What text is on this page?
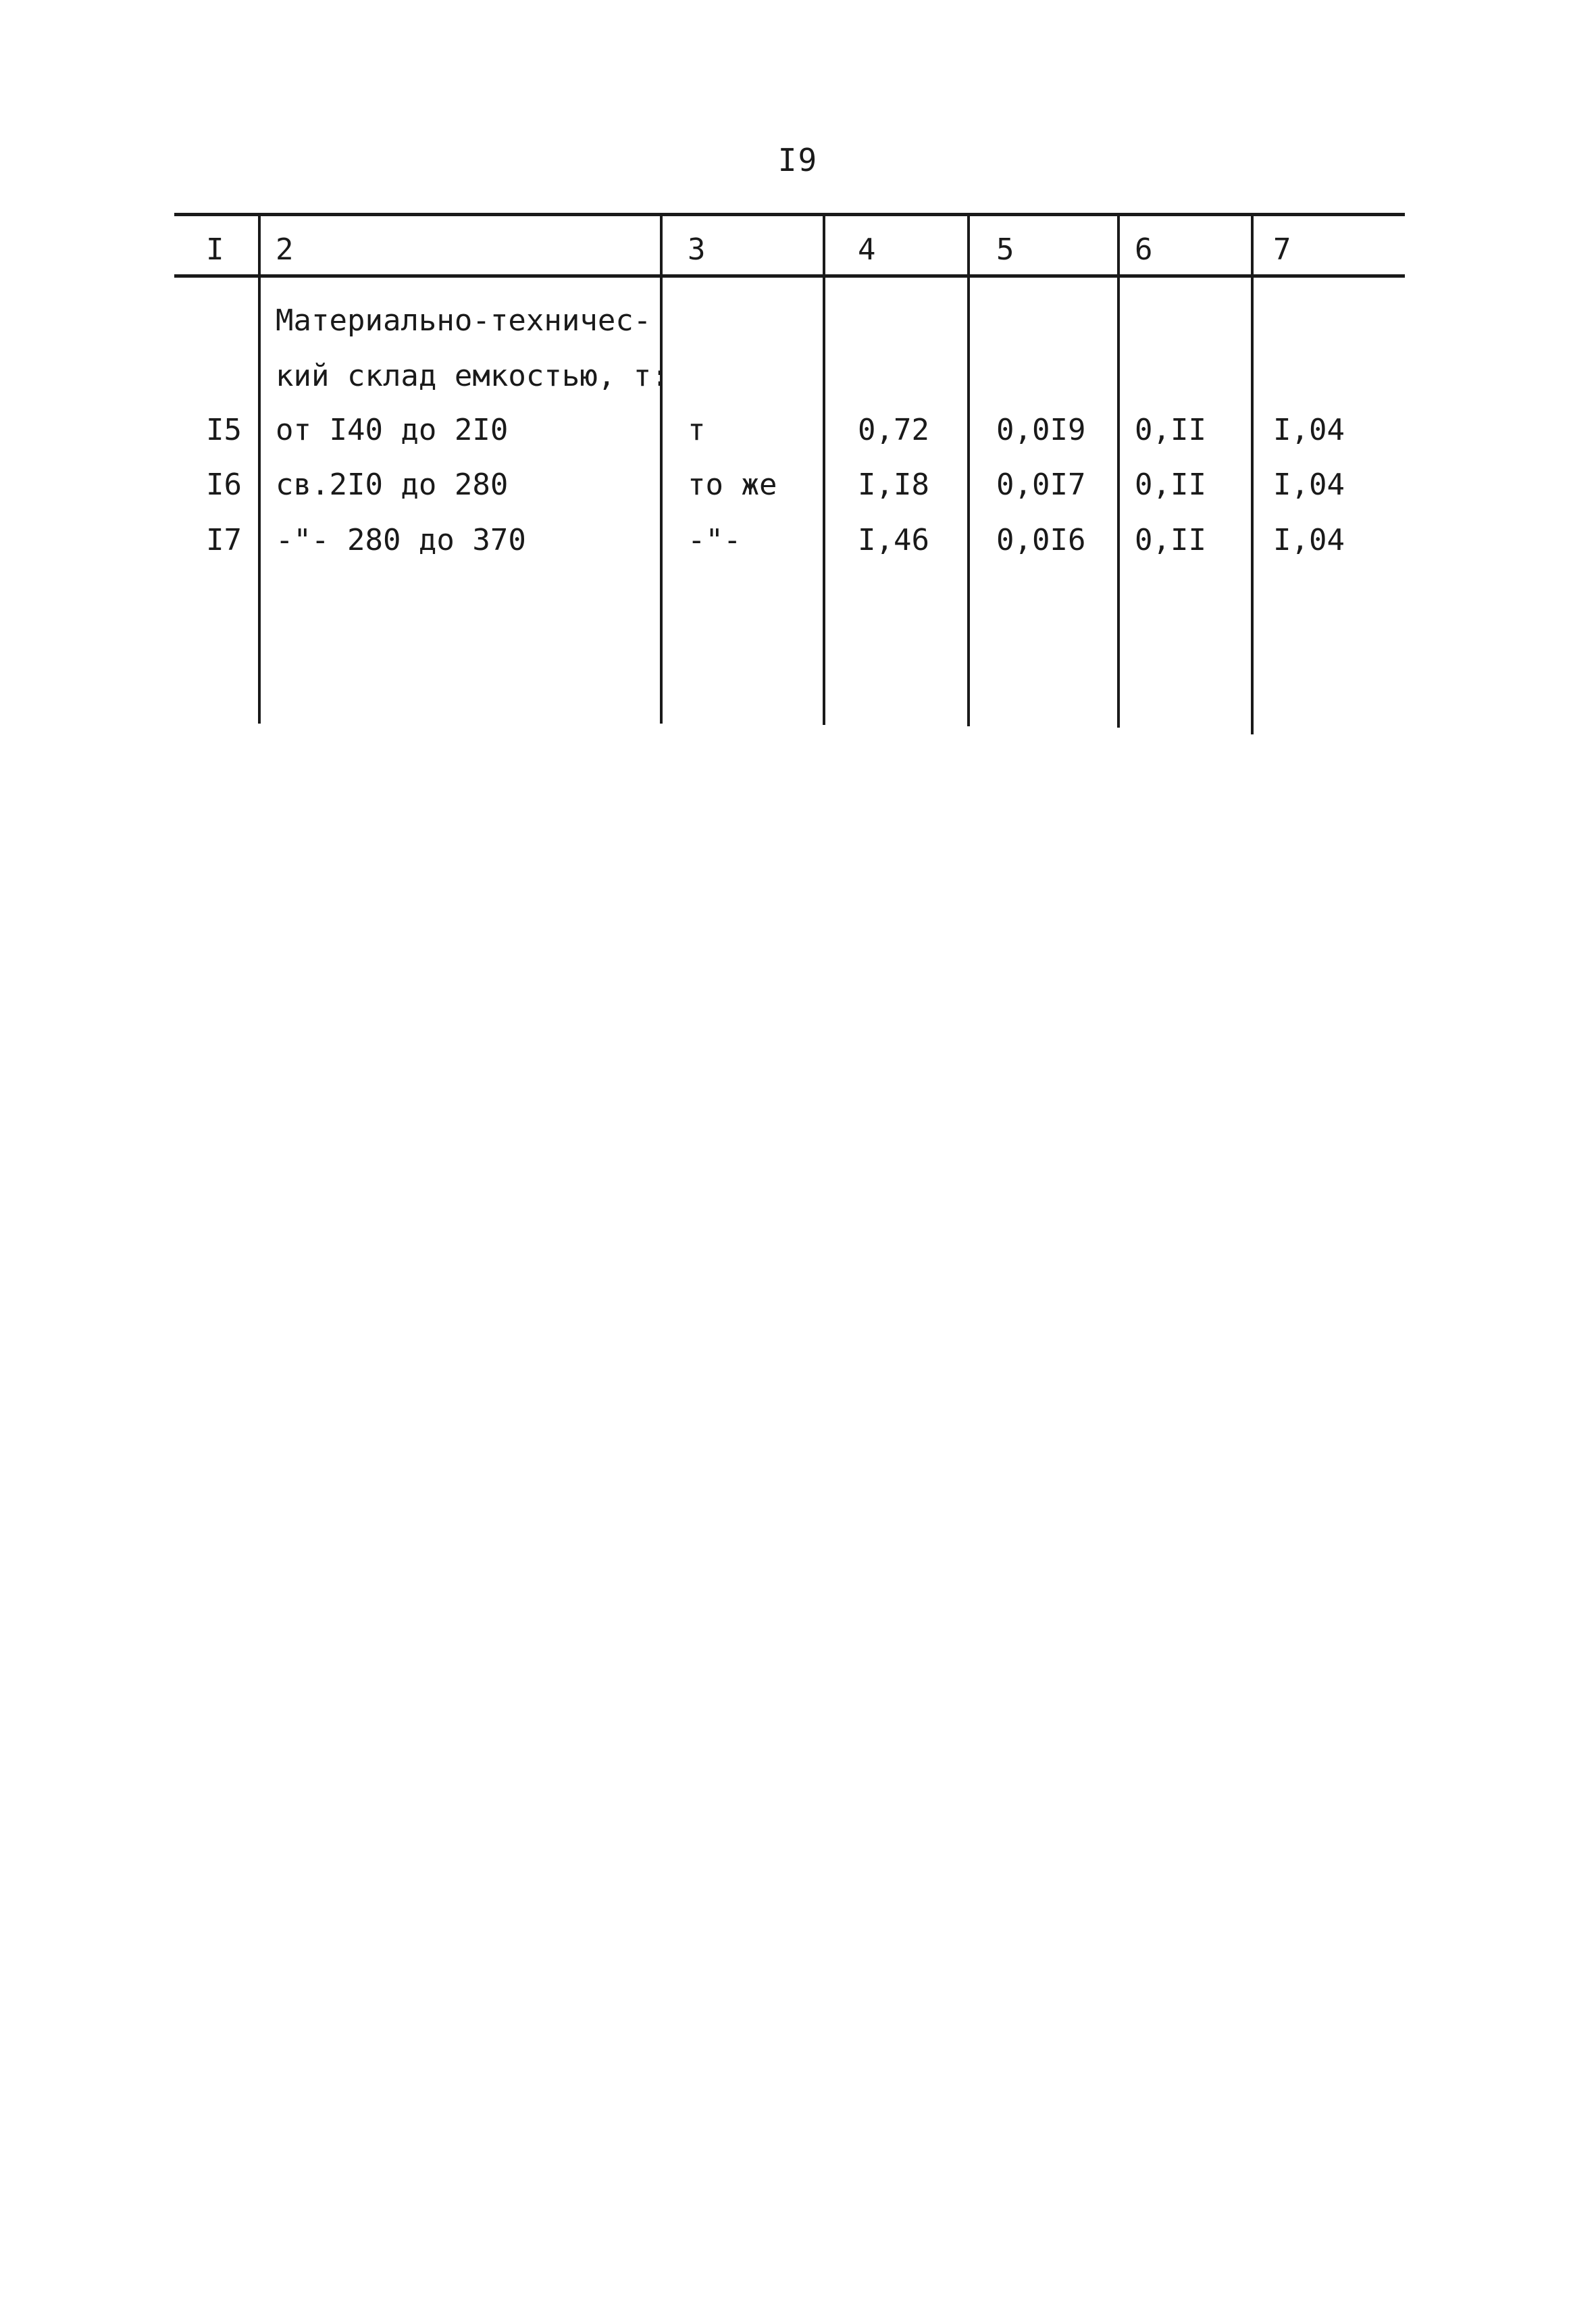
I9
I 2	3	4	5	6	7
Материально-техничес-
кий склад емкостью, т:
I5 от I40 до 2I0	т	0,72 0,0I9 0,II I,04
I6 св.2I0 до 280	то же	I,I8 0,0I7 0,II I,04
I7 -"- 280 до 370	-"-	I,46 0,0I6 0,II I,04
